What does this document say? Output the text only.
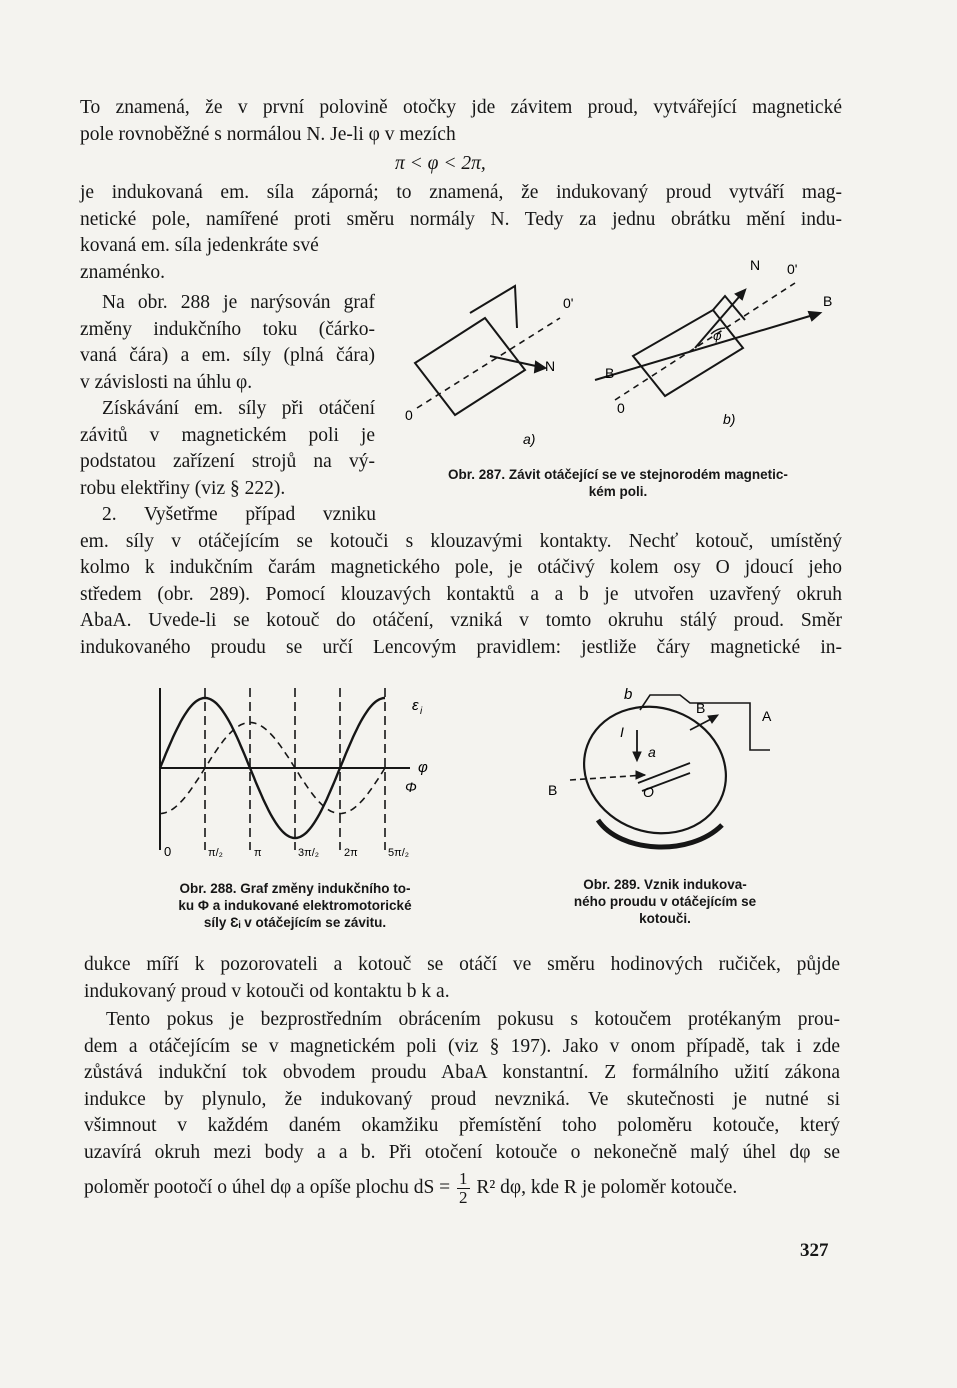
To znamená, že v první polovině otočky jde závitem proud, vytvářející magnetické
pole rovnoběžné s normálou N. Je-li φ v mezích
π < φ < 2π,
je indukovaná em. síla záporná; to znamená, že indukovaný proud vytváří mag-
netické pole, namířené proti směru normály N. Tedy za jednu obrátku mění indu-
kovaná em. síla jedenkráte své
znaménko.
Na obr. 288 je narýsován graf
změny indukčního toku (čárko-
vaná čára) a em. síly (plná čára)
v závislosti na úhlu φ.
Získávání em. síly při otáčení
závitů v magnetickém poli je
podstatou zařízení strojů na vý-
robu elektřiny (viz § 222).
N
0'
0
a)
N 0'
B
B
0
φ
b)
Obr. 287. Závit otáčející se ve stejnorodém magnetic-
kém poli.
2. Vyšetřme případ vzniku
em. síly v otáčejícím se kotouči s klouzavými kontakty. Nechť kotouč, umístěný
kolmo k indukčním čarám magnetického pole, je otáčivý kolem osy O jdoucí jeho
středem (obr. 289). Pomocí klouzavých kontaktů a a b je utvořen uzavřený okruh
AbaA. Uvede-li se kotouč do otáčení, vzniká v tomto okruhu stálý proud. Směr
indukovaného proudu se určí Lencovým pravidlem: jestliže čáry magnetické in-
ε i
φ
Φ
0	π/₂	π	3π/₂ 2π	5π/₂
Obr. 288. Graf změny indukčního to-
ku Φ a indukované elektromotorické
síly Ɛᵢ v otáčejícím se závitu.
b
B	A
I
a
O
B
Obr. 289. Vznik indukova-
ného proudu v otáčejícím se
kotouči.
dukce míří k pozorovateli a kotouč se otáčí ve směru hodinových ručiček, půjde
indukovaný proud v kotouči od kontaktu b k a.
Tento pokus je bezprostředním obrácením pokusu s kotoučem protékaným prou-
dem a otáčejícím se v magnetickém poli (viz § 197). Jako v onom případě, tak i zde
zůstává indukční tok obvodem proudu AbaA konstantní. Z formálního užití zákona
indukce by plynulo, že indukovaný proud nevzniká. Ve skutečnosti je nutné si
všimnout v každém daném okamžiku přemístění toho poloměru kotouče, který
uzavírá okruh mezi body a a b. Při otočení kotouče o nekonečně malý úhel dφ se
poloměr pootočí o úhel dφ a opíše plochu dS = $\frac{1}{2} R^2$ dφ, kde R je poloměr kotouče.
327
